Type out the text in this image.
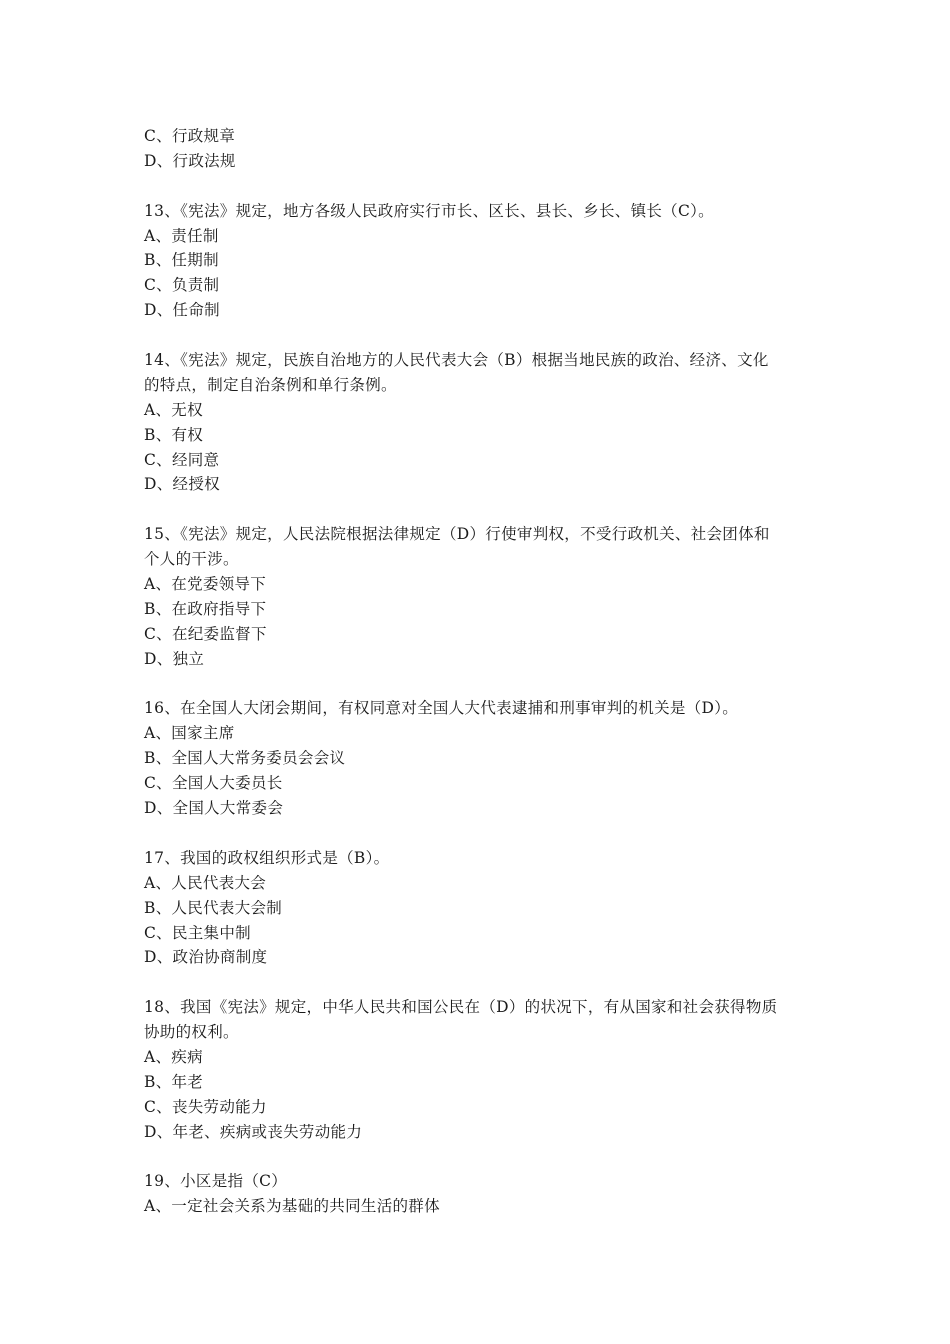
C、行政规章
D、行政法规
13、《宪法》规定，地方各级人民政府实行市长、区长、县长、乡长、镇长（C）。
A、责任制
B、任期制
C、负责制
D、任命制
14、《宪法》规定，民族自治地方的人民代表大会（B）根据当地民族的政治、经济、文化
的特点，制定自治条例和单行条例。
A、无权
B、有权
C、经同意
D、经授权
15、《宪法》规定，人民法院根据法律规定（D）行使审判权，不受行政机关、社会团体和
个人的干涉。
A、在党委领导下
B、在政府指导下
C、在纪委监督下
D、独立
16、在全国人大闭会期间，有权同意对全国人大代表逮捕和刑事审判的机关是（D）。
A、国家主席
B、全国人大常务委员会会议
C、全国人大委员长
D、全国人大常委会
17、我国的政权组织形式是（B）。
A、人民代表大会
B、人民代表大会制
C、民主集中制
D、政治协商制度
18、我国《宪法》规定，中华人民共和国公民在（D）的状况下，有从国家和社会获得物质
协助的权利。
A、疾病
B、年老
C、丧失劳动能力
D、年老、疾病或丧失劳动能力
19、小区是指（C）
A、一定社会关系为基础的共同生活的群体
